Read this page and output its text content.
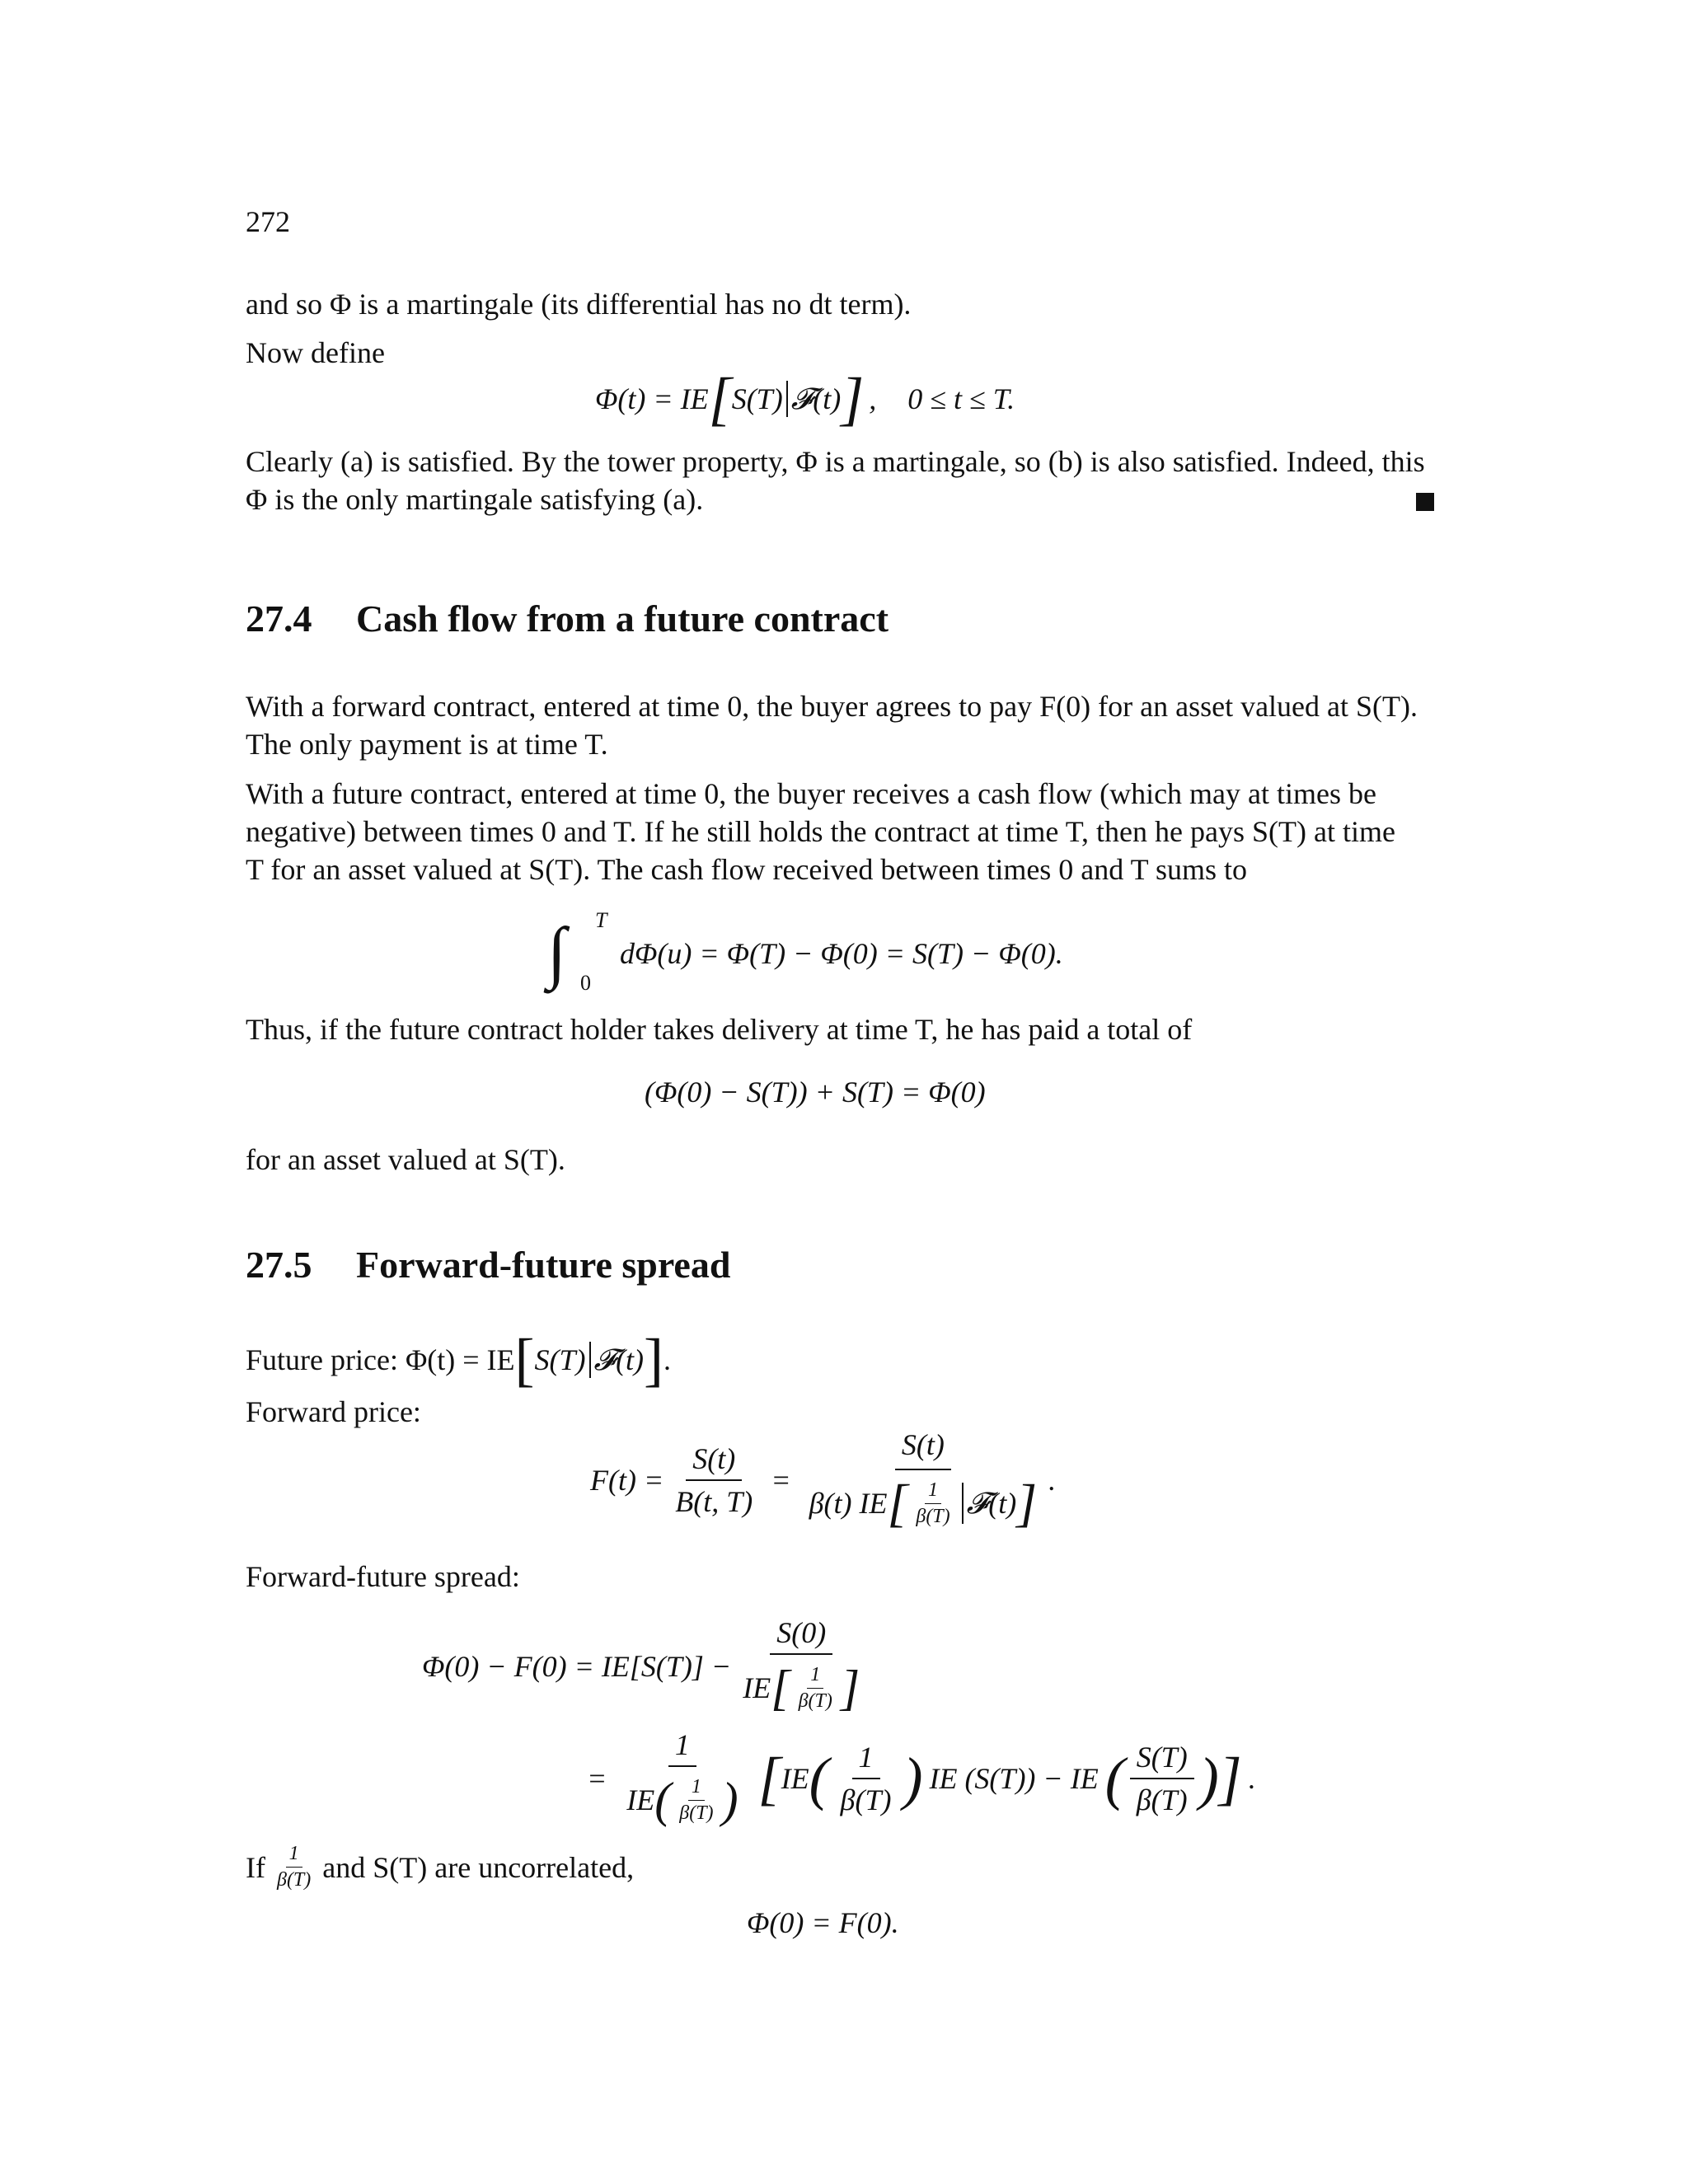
272
and so Φ is a martingale (its differential has no dt term).
Now define
Φ(t) = IE [ S(T) 𝓕(t) ] , 0 ≤ t ≤ T.
Clearly (a) is satisfied. By the tower property, Φ is a martingale, so (b) is also satisfied. Indeed, this
Φ is the only martingale satisfying (a).
27.4 Cash flow from a future contract
With a forward contract, entered at time 0, the buyer agrees to pay F(0) for an asset valued at S(T).
The only payment is at time T.
With a future contract, entered at time 0, the buyer receives a cash flow (which may at times be
negative) between times 0 and T. If he still holds the contract at time T, then he pays S(T) at time
T for an asset valued at S(T). The cash flow received between times 0 and T sums to
∫ T
0
dΦ(u) = Φ(T) − Φ(0) = S(T) − Φ(0).
Thus, if the future contract holder takes delivery at time T, he has paid a total of
(Φ(0) − S(T)) + S(T) = Φ(0)
for an asset valued at S(T).
27.5 Forward-future spread
Future price: Φ(t) = IE [ S(T) 𝓕(t) ] .
Forward price:
$F(t) = \frac{S(t)}{B(t, T)}$ =
S(t)
β(t) IE [ $\frac{1}{\beta(T)}$ 𝓕(t) ] .
Forward-future spread:
Φ(0) − F(0) = IE[S(T)] −
S(0)
IE [ $\frac{1}{\beta(T)}$ ]
=
1
IE ( $\frac{1}{\beta(T)}$ ) [ IE ( $\frac{1}{\beta(T)}$ ) IE (S(T)) − IE ( $\frac{S(T)}{\beta(T)}$ ) ] .
If $\frac{1}{\beta(T)}$ and S(T) are uncorrelated,
Φ(0) = F(0).
